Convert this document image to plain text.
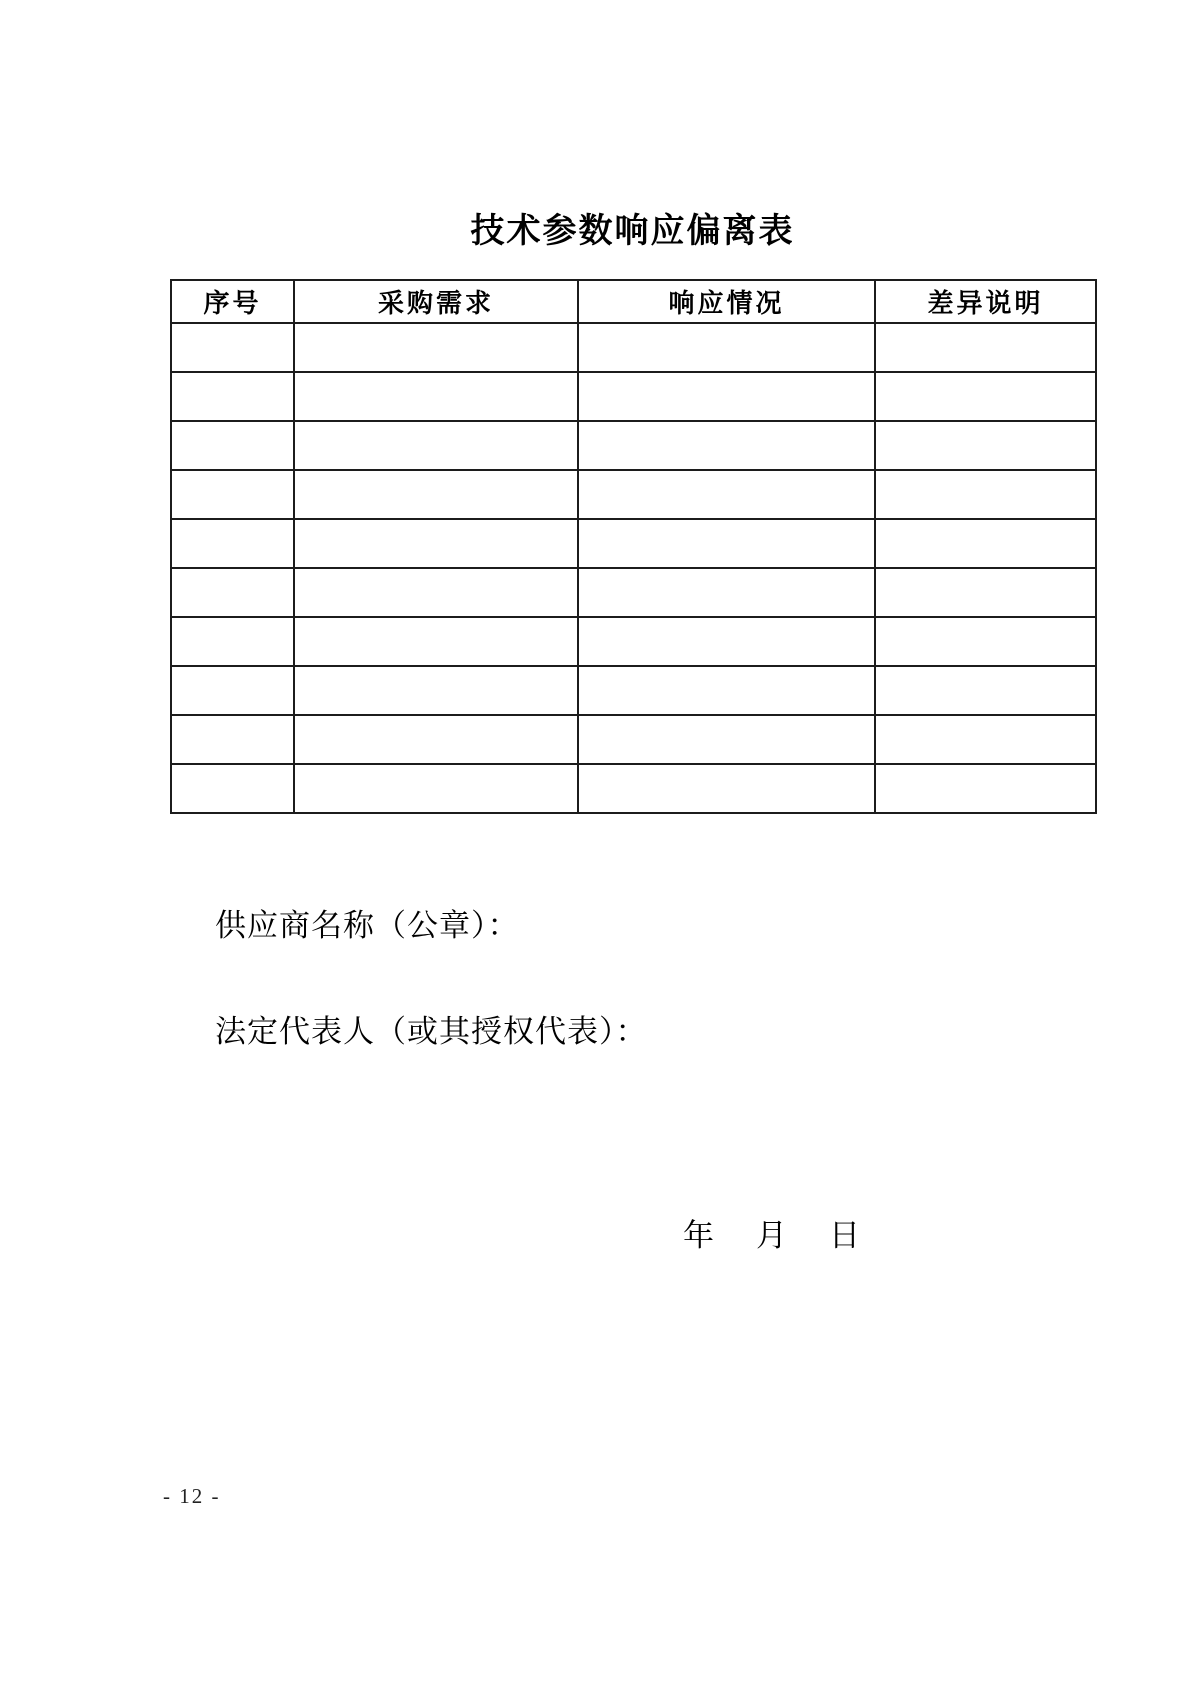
技术参数响应偏离表
序号	采购需求	响应情况	差异说明

供应商名称（公章）：
法定代表人（或其授权代表）：
年 月 日
- 12 -
